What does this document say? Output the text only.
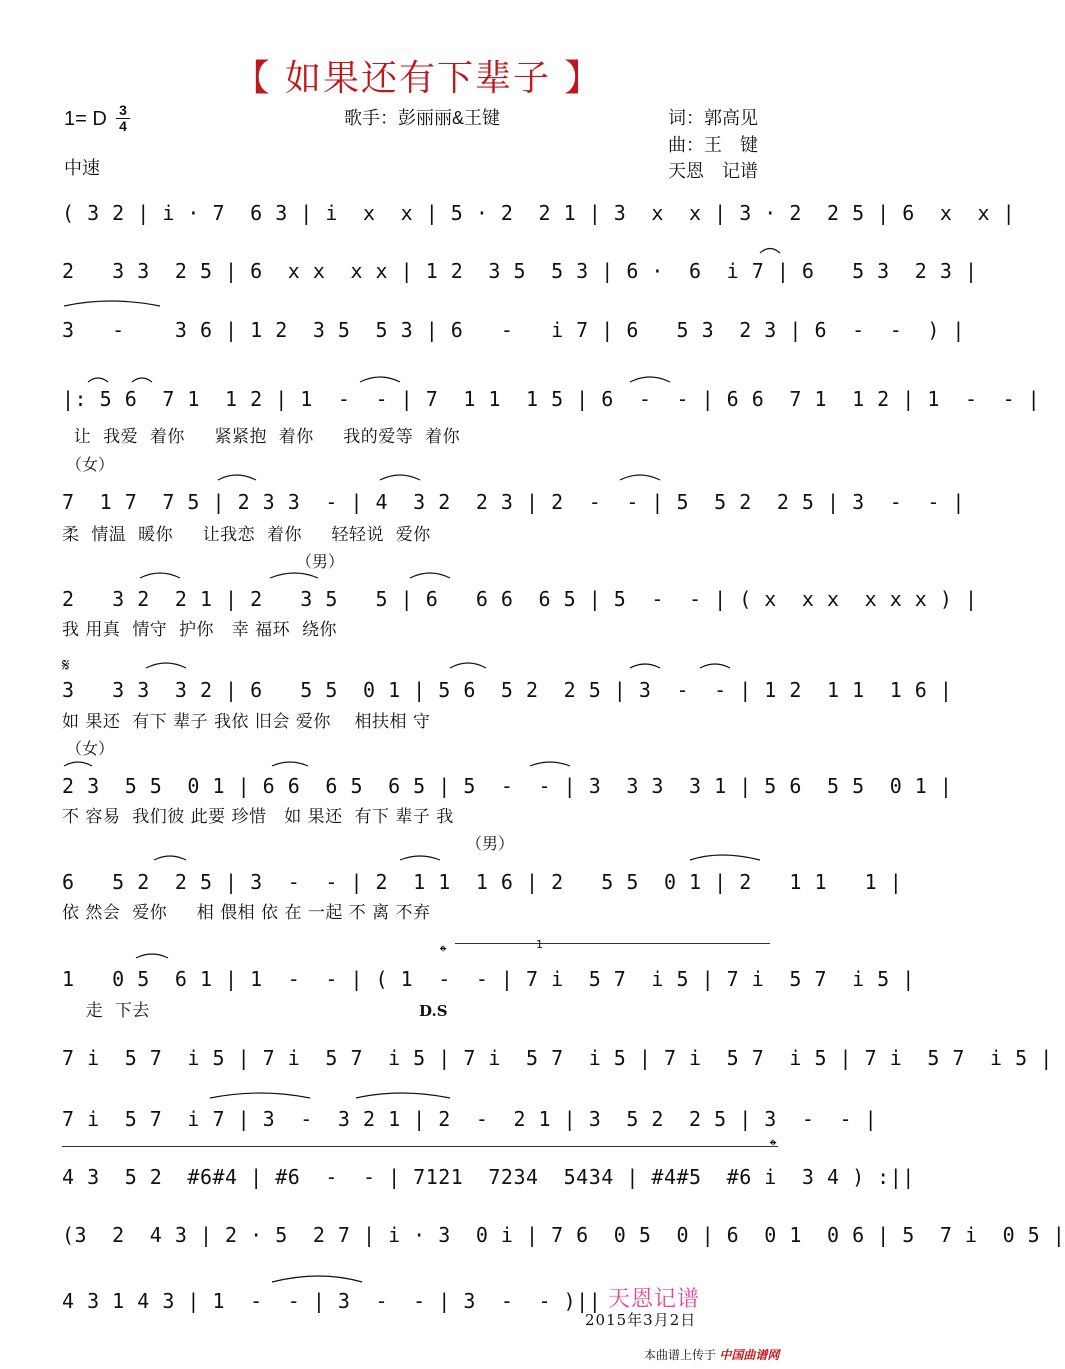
【 如果还有下辈子 】
1= D $\frac{3}{4}$
中速
歌手：彭丽丽&王键	词：郭高见
曲：王　键
天恩　记谱
( 3 2 | i · 7  6 3 | i  x  x | 5 · 2  2 1 | 3  x  x | 3 · 2  2 5 | 6  x  x |
2   3 3  2 5 | 6  x x  x x | 1 2  3 5  5 3 | 6 ·  6  i 7 | 6   5 3  2 3 |
3   -    3 6 | 1 2  3 5  5 3 | 6   -   i 7 | 6   5 3  2 3 | 6  -  -  ) |
|: 5 6  7 1  1 2 | 1  -  - | 7  1 1  1 5 | 6  -  - | 6 6  7 1  1 2 | 1  -  - |
让  我爱  着你     紧紧抱  着你     我的爱等  着你
（女）
7  1 7  7 5 | 2 3 3  - | 4  3 2  2 3 | 2  -  - | 5  5 2  2 5 | 3  -  - |
柔  情温  暖你     让我恋  着你     轻轻说  爱你
（男）
2   3 2  2 1 | 2   3 5   5 | 6   6 6  6 5 | 5  -  - | ( x  x x  x x x ) |
我 用真  情守  护你   幸 福环  绕你
𝄋
3   3 3  3 2 | 6   5 5  0 1 | 5 6  5 2  2 5 | 3  -  - | 1 2  1 1  1 6 |
如 果还  有下 辈子 我依 旧会 爱你    相扶相 守
（女）
2 3  5 5  0 1 | 6 6  6 5  6 5 | 5  -  - | 3  3 3  3 1 | 5 6  5 5  0 1 |
不 容易  我们彼 此要 珍惜   如 果还  有下 辈子 我
（男）
6   5 2  2 5 | 3  -  - | 2  1 1  1 6 | 2   5 5  0 1 | 2   1 1   1 |
依 然会  爱你     相 偎相 依 在 一起 不 离 不弃
𝄌	1
1   0 5  6 1 | 1  -  - | ( 1  -  - | 7 i  5 7  i 5 | 7 i  5 7  i 5 |
走  下去	D.S
7 i  5 7  i 5 | 7 i  5 7  i 5 | 7 i  5 7  i 5 | 7 i  5 7  i 5 | 7 i  5 7  i 5 |
7 i  5 7  i 7 | 3  -  3 2 1 | 2  -  2 1 | 3  5 2  2 5 | 3  -  - |
𝄌
4 3  5 2  #6#4 | #6  -  - | 7121  7234  5434 | #4#5  #6 i  3 4 ) :||
(3  2  4 3 | 2 · 5  2 7 | i · 3  0 i | 7 6  0 5  0 | 6  0 1  0 6 | 5  7 i  0 5 |
4 3 1 4 3 | 1  -  - | 3  -  - | 3  -  - )|| 天恩记谱
2015年3月2日
本曲谱上传于 中国曲谱网
